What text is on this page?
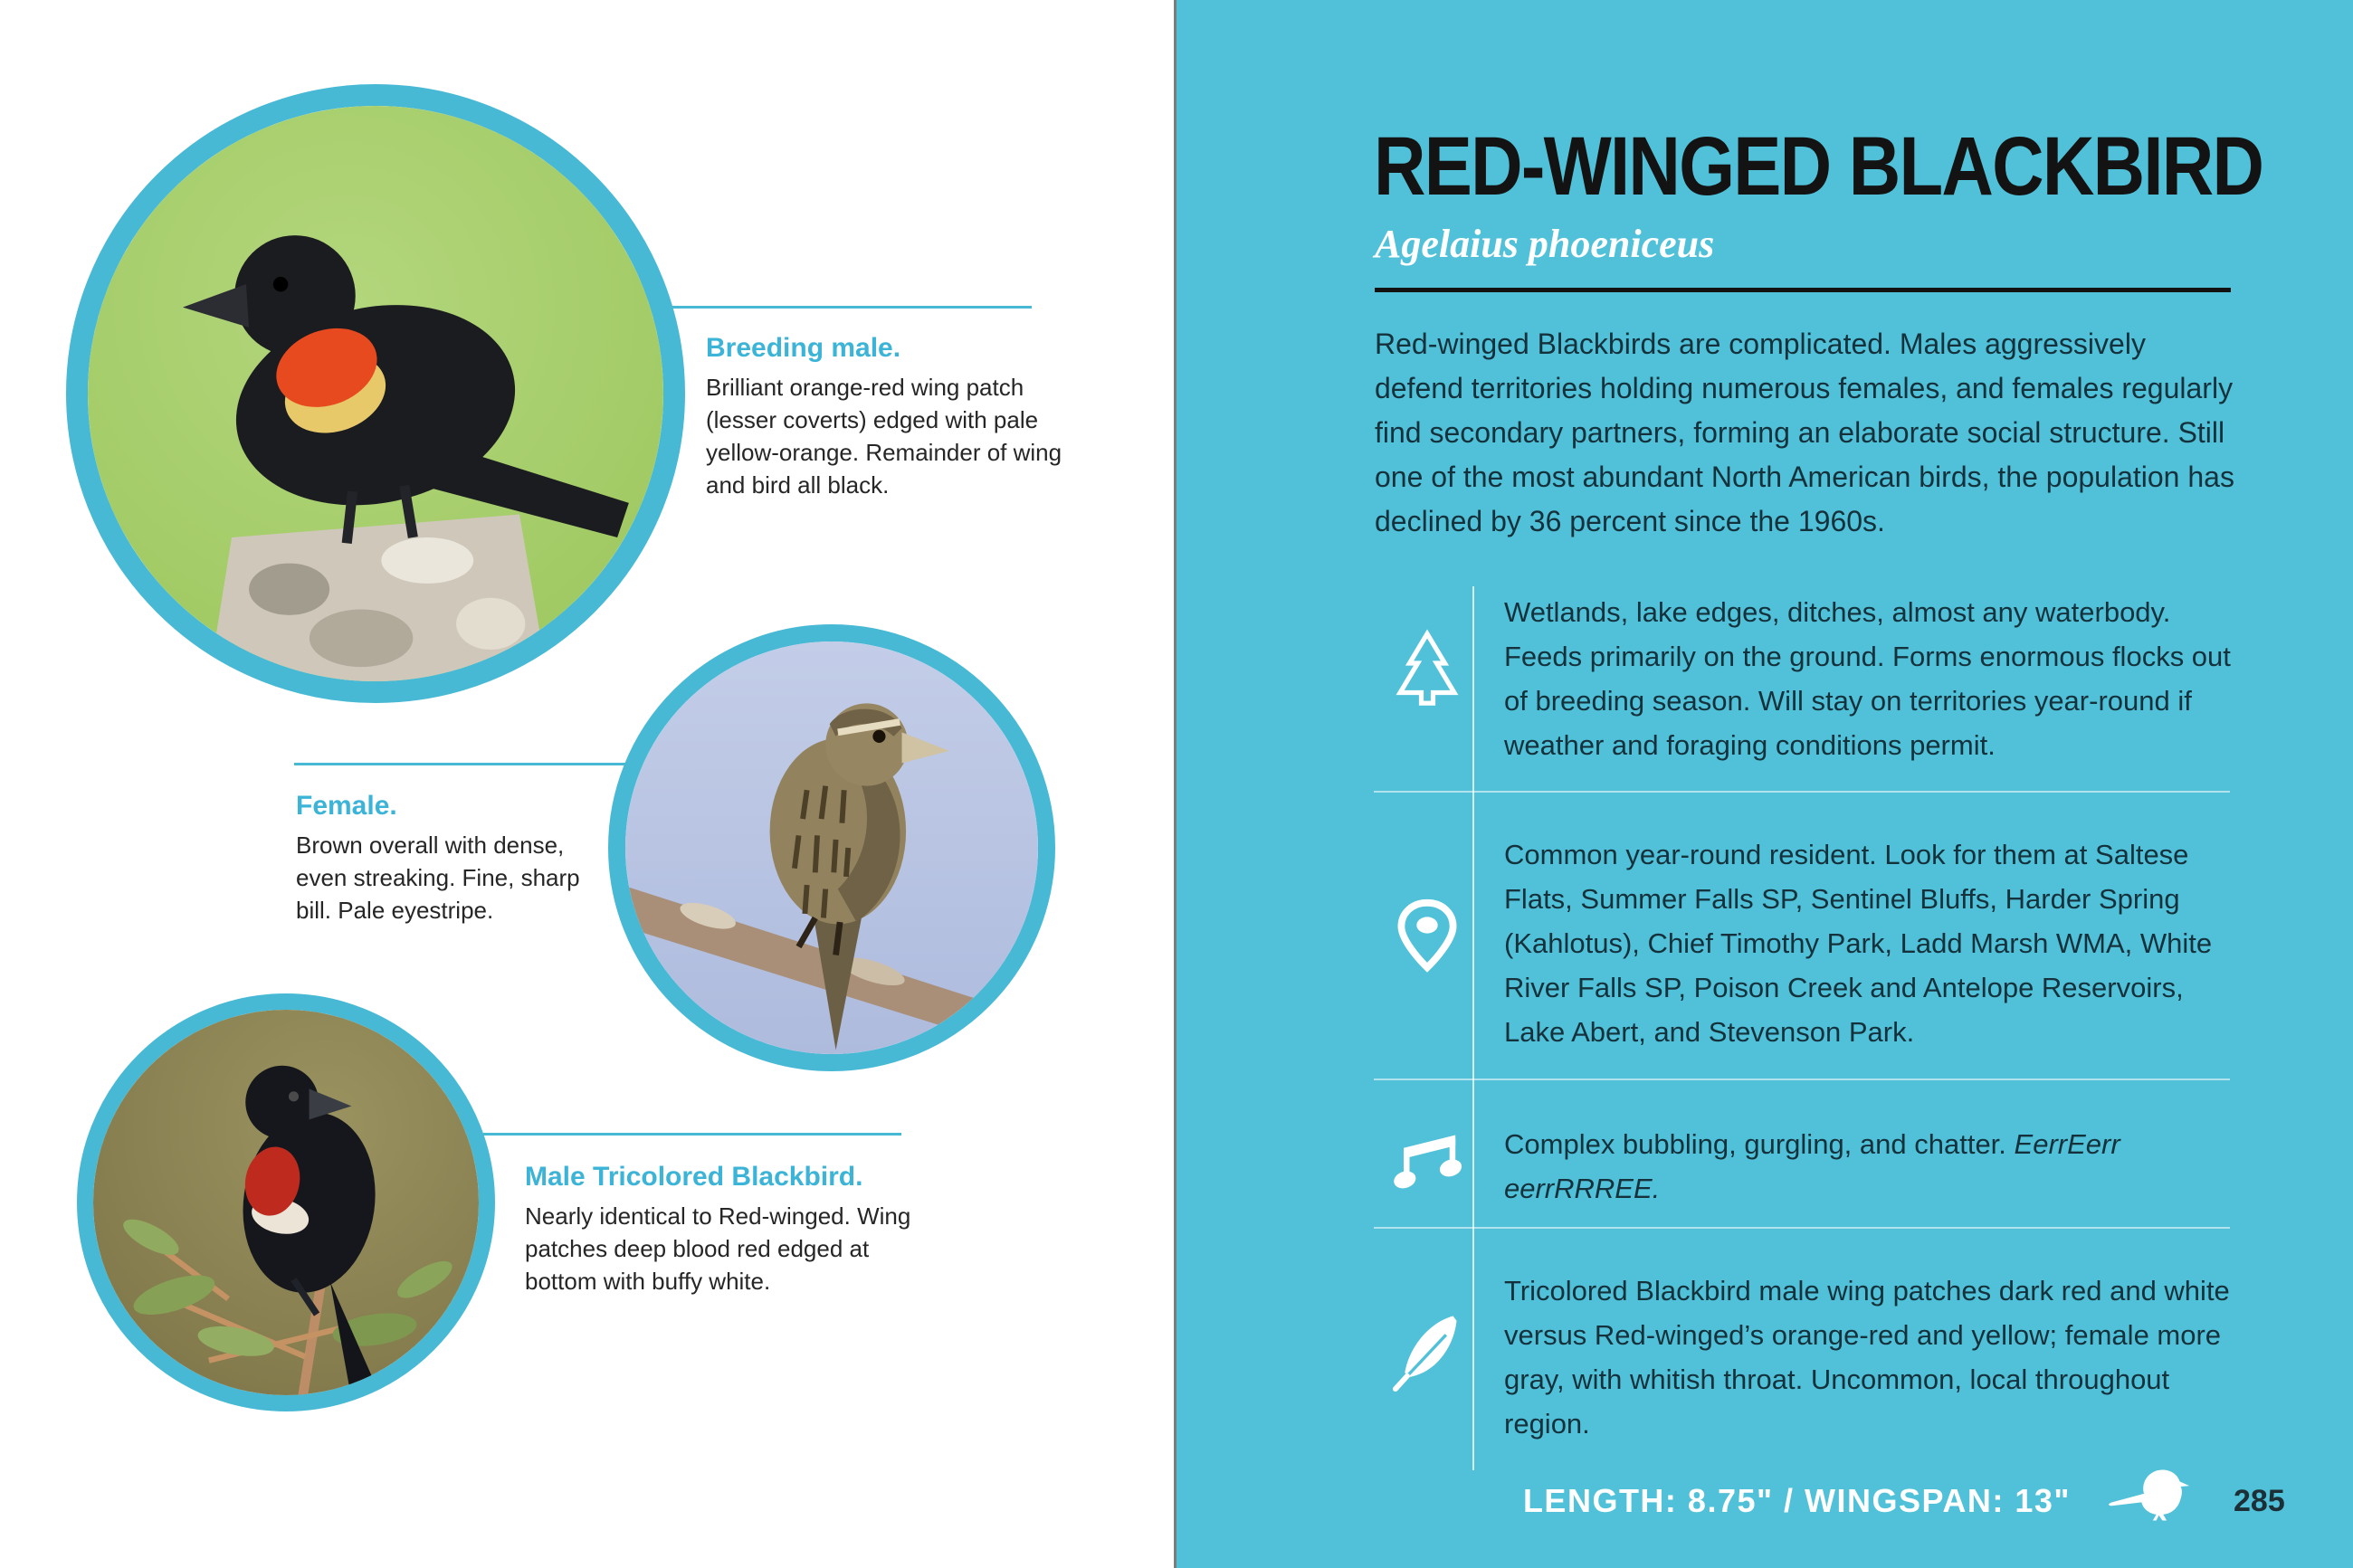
Breeding male.
Brilliant orange-red wing patch (lesser coverts) edged with pale yellow-orange. Remainder of wing and bird all black.
Female.
Brown overall with dense, even streaking. Fine, sharp bill. Pale eyestripe.
Male Tricolored Blackbird.
Nearly identical to Red-winged. Wing patches deep blood red edged at bottom with buffy white.
RED-WINGED BLACKBIRD
Agelaius phoeniceus
Red-winged Blackbirds are complicated. Males aggressively defend territories holding numerous females, and females regularly find secondary partners, forming an elaborate social structure. Still one of the most abundant North American birds, the population has declined by 36 percent since the 1960s.
Wetlands, lake edges, ditches, almost any waterbody. Feeds primarily on the ground. Forms enormous flocks out of breeding season. Will stay on territories year-round if weather and foraging conditions permit.
Common year-round resident. Look for them at Saltese Flats, Summer Falls SP, Sentinel Bluffs, Harder Spring (Kahlotus), Chief Timothy Park, Ladd Marsh WMA, White River Falls SP, Poison Creek and Antelope Reservoirs, Lake Abert, and Stevenson Park.
Complex bubbling, gurgling, and chatter. EerrEerr eerrRRREE.
Tricolored Blackbird male wing patches dark red and white versus Red-winged’s orange-red and yellow; female more gray, with whitish throat. Uncommon, local throughout region.
LENGTH: 8.75" / WINGSPAN: 13"	285
